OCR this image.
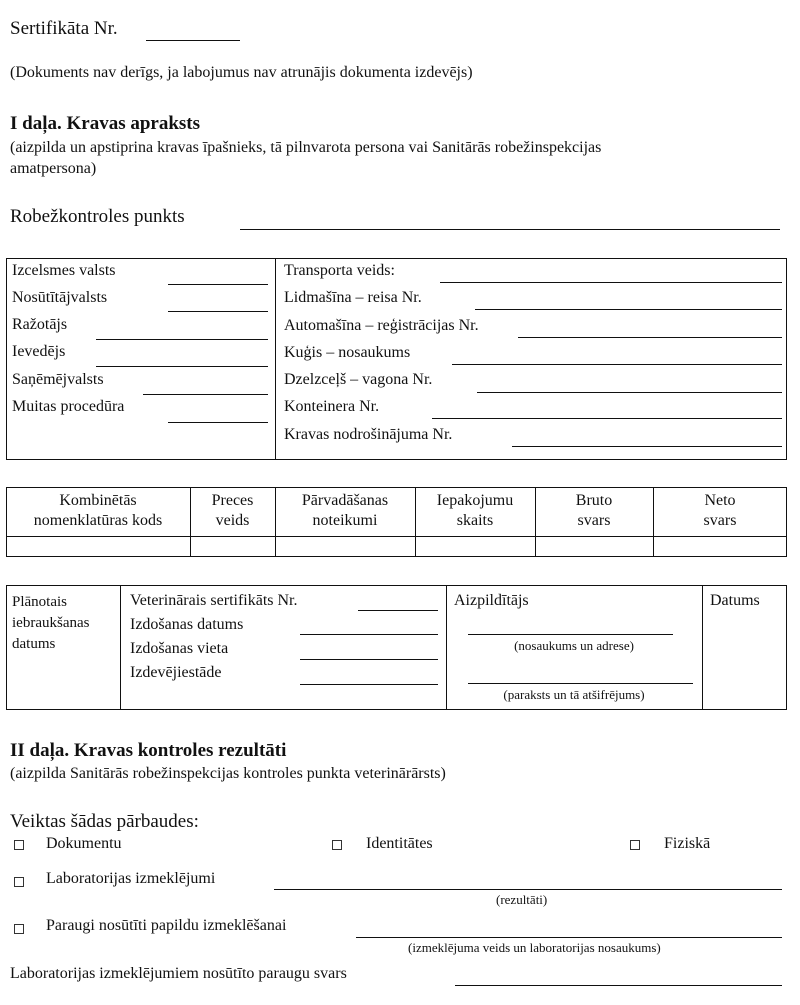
Sertifikāta Nr.
(Dokuments nav derīgs, ja labojumus nav atrunājis dokumenta izdevējs)
I daļa. Kravas apraksts
(aizpilda un apstiprina kravas īpašnieks, tā pilnvarota persona vai Sanitārās robežinspekcijas
amatpersona)
Robežkontroles punkts
Izcelsmes valsts
Nosūtītājvalsts
Ražotājs
Ievedējs
Saņēmējvalsts
Muitas procedūra
Transporta veids:
Lidmašīna – reisa Nr.
Automašīna – reģistrācijas Nr.
Kuģis – nosaukums
Dzelzceļš – vagona Nr.
Konteinera Nr.
Kravas nodrošinājuma Nr.
Kombinētās
nomenklatūras kods
Preces
veids
Pārvadāšanas
noteikumi
Iepakojumu
skaits
Bruto
svars
Neto
svars
Plānotais
iebraukšanas
datums
Veterinārais sertifikāts Nr.
Izdošanas datums
Izdošanas vieta
Izdevējiestāde
Aizpildītājs
(nosaukums un adrese)
(paraksts un tā atšifrējums)
Datums
II daļa. Kravas kontroles rezultāti
(aizpilda Sanitārās robežinspekcijas kontroles punkta veterinārārsts)
Veiktas šādas pārbaudes:
Dokumentu	Identitātes	Fiziskā
Laboratorijas izmeklējumi
(rezultāti)
Paraugi nosūtīti papildu izmeklēšanai
(izmeklējuma veids un laboratorijas nosaukums)
Laboratorijas izmeklējumiem nosūtīto paraugu svars
